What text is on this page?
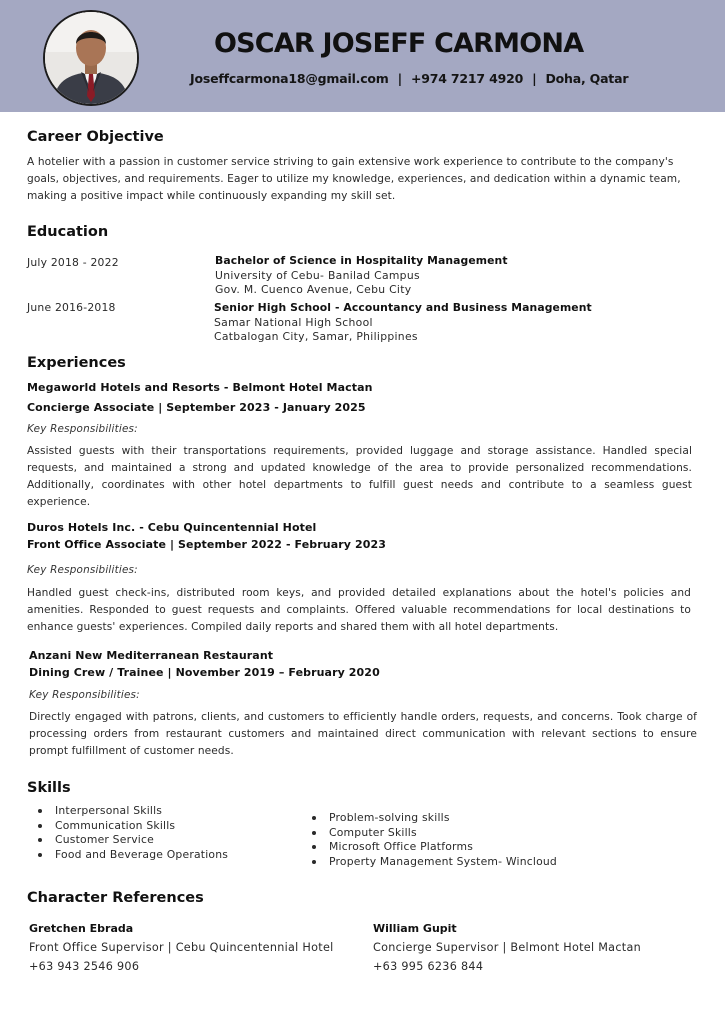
OSCAR JOSEFF CARMONA
Joseffcarmona18@gmail.com | +974 7217 4920 | Doha, Qatar
Career Objective
A hotelier with a passion in customer service striving to gain extensive work experience to contribute to the company's goals, objectives, and requirements. Eager to utilize my knowledge, experiences, and dedication within a dynamic team, making a positive impact while continuously expanding my skill set.
Education
July 2018 - 2022	Bachelor of Science in Hospitality Management
University of Cebu- Banilad Campus
Gov. M. Cuenco Avenue, Cebu City
June 2016-2018	Senior High School - Accountancy and Business Management
Samar National High School
Catbalogan City, Samar, Philippines
Experiences
Megaworld Hotels and Resorts - Belmont Hotel Mactan
Concierge Associate | September 2023 - January 2025
Key Responsibilities:
Assisted guests with their transportations requirements, provided luggage and storage assistance. Handled special requests, and maintained a strong and updated knowledge of the area to provide personalized recommendations. Additionally, coordinates with other hotel departments to fulfill guest needs and contribute to a seamless guest experience.
Duros Hotels Inc. - Cebu Quincentennial Hotel
Front Office Associate | September 2022 - February 2023
Key Responsibilities:
Handled guest check-ins, distributed room keys, and provided detailed explanations about the hotel's policies and amenities. Responded to guest requests and complaints. Offered valuable recommendations for local destinations to enhance guests' experiences. Compiled daily reports and shared them with all hotel departments.
Anzani New Mediterranean Restaurant
Dining Crew / Trainee | November 2019 – February 2020
Key Responsibilities:
Directly engaged with patrons, clients, and customers to efficiently handle orders, requests, and concerns. Took charge of processing orders from restaurant customers and maintained direct communication with relevant sections to ensure prompt fulfillment of customer needs.
Skills
Interpersonal Skills
Communication Skills
Customer Service
Food and Beverage Operations
Problem-solving skills
Computer Skills
Microsoft Office Platforms
Property Management System- Wincloud
Character References
Gretchen Ebrada
Front Office Supervisor | Cebu Quincentennial Hotel
+63 943 2546 906
William Gupit
Concierge Supervisor | Belmont Hotel Mactan
+63 995 6236 844
